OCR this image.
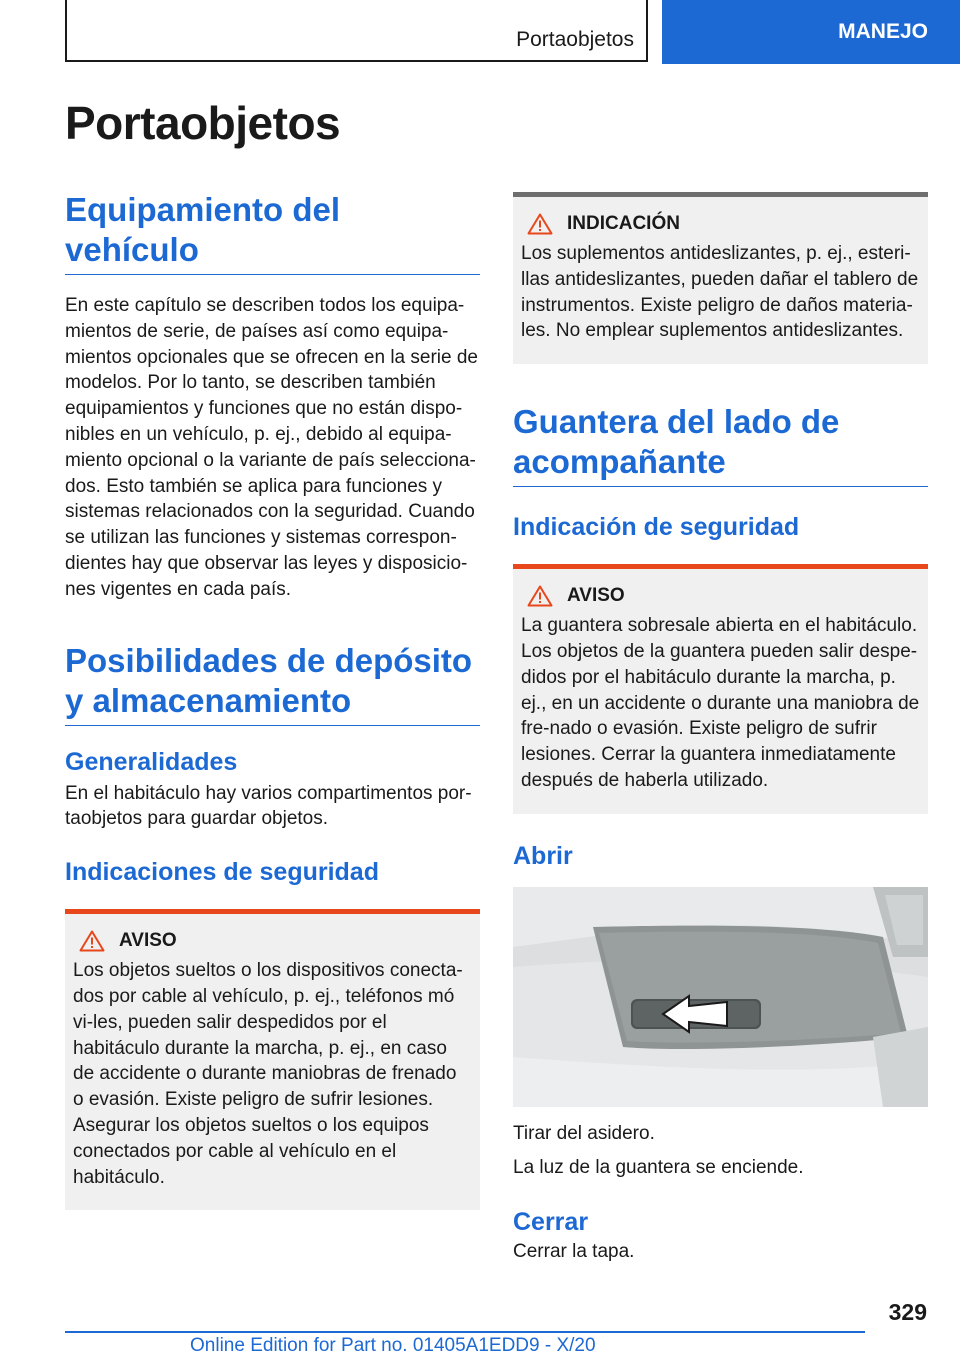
Portaobjetos	MANEJO
Portaobjetos
Equipamiento del vehículo

En este capítulo se describen todos los equipa-mientos de serie, de países así como equipa-mientos opcionales que se ofrecen en la serie de modelos. Por lo tanto, se describen también equipamientos y funciones que no están dispo-nibles en un vehículo, p. ej., debido al equipa-miento opcional o la variante de país selecciona-dos. Esto también se aplica para funciones y sistemas relacionados con la seguridad. Cuando se utilizan las funciones y sistemas correspon-dientes hay que observar las leyes y disposicio-nes vigentes en cada país.

Posibilidades de depósito y almacenamiento
Generalidades

En el habitáculo hay varios compartimentos por-taobjetos para guardar objetos.

Indicaciones de seguridad
AVISO

Los objetos sueltos o los dispositivos conecta-dos por cable al vehículo, p. ej., teléfonos mó vi-les, pueden salir despedidos por el habitáculo durante la marcha, p. ej., en caso de accidente o durante maniobras de frenado o evasión. Existe peligro de sufrir lesiones. Asegurar los objetos sueltos o los equipos conectados por cable al vehículo en el habitáculo.

INDICACIÓN

Los suplementos antideslizantes, p. ej., esteri-llas antideslizantes, pueden dañar el tablero de instrumentos. Existe peligro de daños materia-les. No emplear suplementos antideslizantes.

Guantera del lado de acompañante
Indicación de seguridad
AVISO

La guantera sobresale abierta en el habitáculo. Los objetos de la guantera pueden salir despe-didos por el habitáculo durante la marcha, p. ej., en un accidente o durante una maniobra de fre-nado o evasión. Existe peligro de sufrir lesiones. Cerrar la guantera inmediatamente después de haberla utilizado.

Abrir

Tirar del asidero.

La luz de la guantera se enciende.

Cerrar

Cerrar la tapa.

329
Online Edition for Part no. 01405A1EDD9 - X/20
